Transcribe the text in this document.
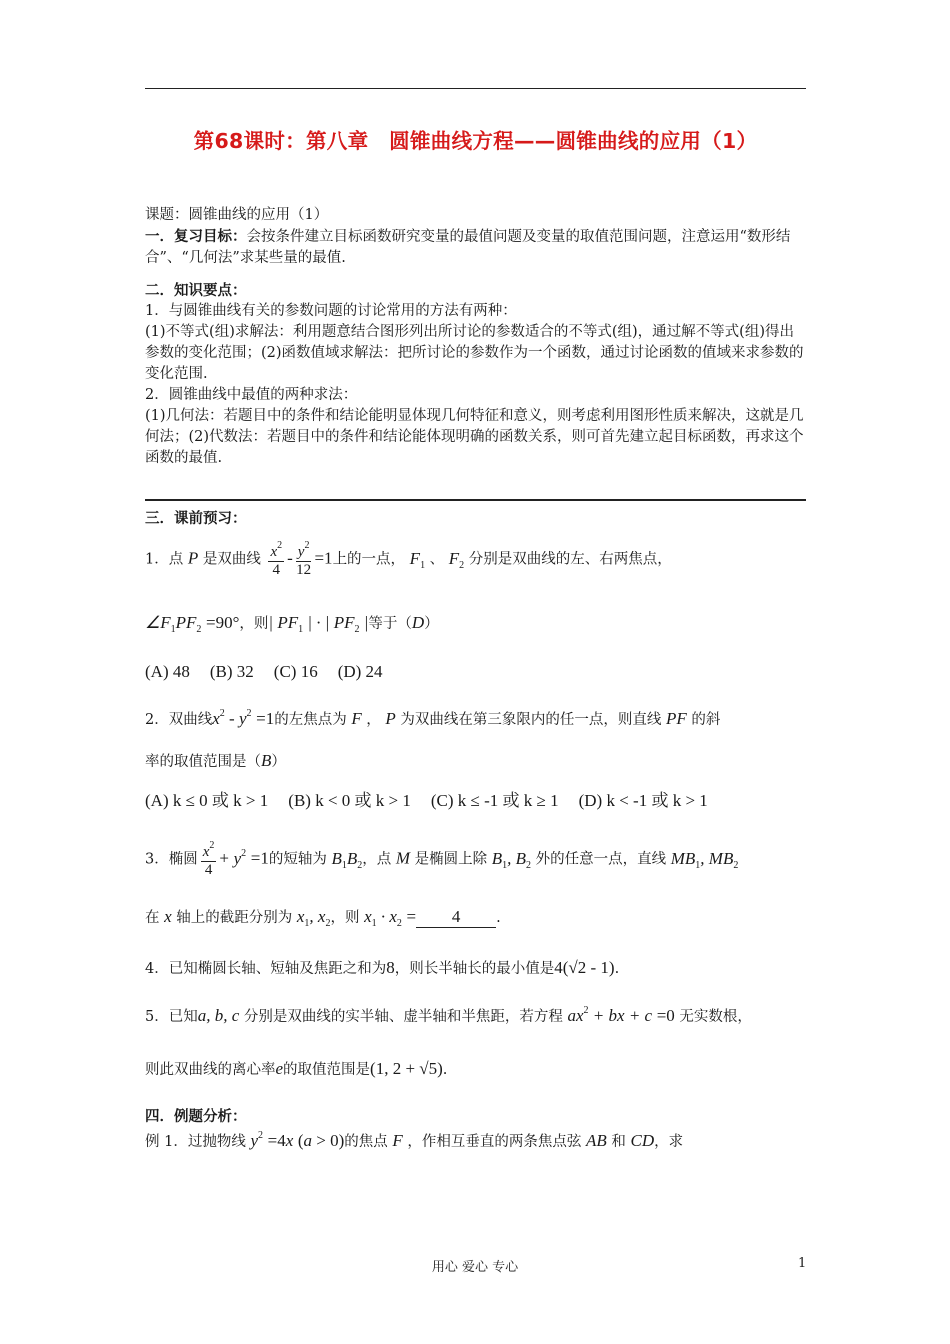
第68课时：第八章　圆锥曲线方程——圆锥曲线的应用（1）
课题：圆锥曲线的应用（1）
一．复习目标：会按条件建立目标函数研究变量的最值问题及变量的取值范围问题，注意运用“数形结合”、“几何法”求某些量的最值.
二．知识要点：
1．与圆锥曲线有关的参数问题的讨论常用的方法有两种：
(1)不等式(组)求解法：利用题意结合图形列出所讨论的参数适合的不等式(组)，通过解不等式(组)得出参数的变化范围；(2)函数值域求解法：把所讨论的参数作为一个函数，通过讨论函数的值域来求参数的变化范围.
2．圆锥曲线中最值的两种求法：
(1)几何法：若题目中的条件和结论能明显体现几何特征和意义，则考虑利用图形性质来解决，这就是几何法；(2)代数法：若题目中的条件和结论能体现明确的函数关系，则可首先建立起目标函数，再求这个函数的最值.
三．课前预习：
1．点 P 是双曲线 $\frac{x^2}{4} - \frac{y^2}{12} =1$上的一点， $F_1$ 、 $F_2$ 分别是双曲线的左、右两焦点，
$\angle F_1PF_2 =90^\circ$，则| $PF_1$ | · | $PF_2$ |等于（D）
(A) 48 (B) 32 (C) 16 (D) 24
2．双曲线$x^2 - y^2 =1$的左焦点为 F ， P 为双曲线在第三象限内的任一点，则直线 PF 的斜
率的取值范围是（B）
(A) k ≤ 0 或 k > 1 (B) k < 0 或 k > 1 (C) k ≤ -1 或 k ≥ 1 (D) k < -1 或 k > 1
3．椭圆 $\frac{x^2}{4} + y^2 =1$的短轴为 $B_1B_2$，点 M 是椭圆上除 $B_1$, $B_2$ 外的任意一点，直线 $MB_1$, $MB_2$
在 x 轴上的截距分别为 $x_1$, $x_2$，则 $x_1 \cdot x_2 = 4$ .
4．已知椭圆长轴、短轴及焦距之和为8，则长半轴长的最小值是4(√2 - 1).
5．已知a, b, c 分别是双曲线的实半轴、虚半轴和半焦距，若方程 $ax^2$ + bx + c =0 无实数根，
则此双曲线的离心率e的取值范围是(1, 2 + √5).
四．例题分析：
例 1．过抛物线 $y^2 =4x$ (a > 0)的焦点 F ，作相互垂直的两条焦点弦 AB 和 CD，求
用心 爱心 专心	1
